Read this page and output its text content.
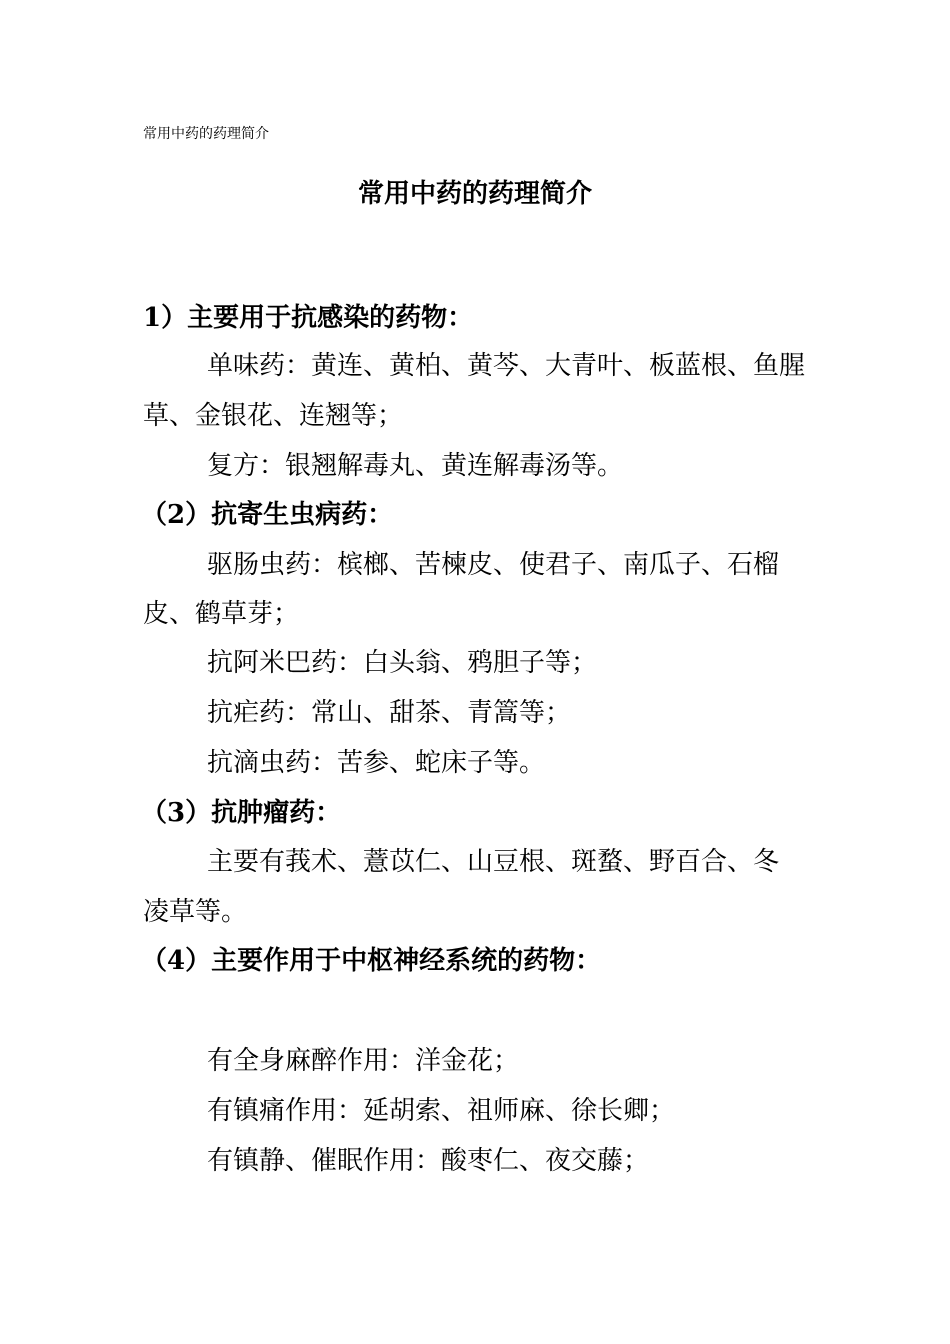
常用中药的药理简介
常用中药的药理简介
1）主要用于抗感染的药物：
单味药：黄连、黄柏、黄芩、大青叶、板蓝根、鱼腥
草、金银花、连翘等；
复方：银翘解毒丸、黄连解毒汤等。
（2）抗寄生虫病药：
驱肠虫药：槟榔、苦楝皮、使君子、南瓜子、石榴
皮、鹤草芽；
抗阿米巴药：白头翁、鸦胆子等；
抗疟药：常山、甜茶、青篙等；
抗滴虫药：苦参、蛇床子等。
（3）抗肿瘤药：
主要有莪术、薏苡仁、山豆根、斑蝥、野百合、冬
凌草等。
（4）主要作用于中枢神经系统的药物：
有全身麻醉作用：洋金花；
有镇痛作用：延胡索、祖师麻、徐长卿；
有镇静、催眠作用：酸枣仁、夜交藤；
